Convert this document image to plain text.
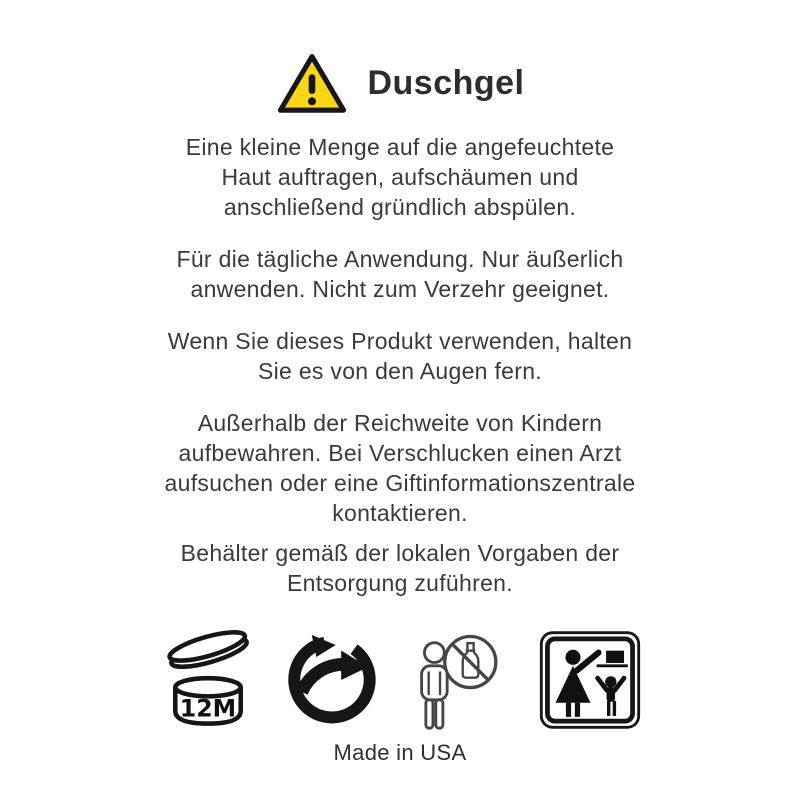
Duschgel

Eine kleine Menge auf die angefeuchtete
Haut auftragen, aufschäumen und
anschließend gründlich abspülen.

Für die tägliche Anwendung. Nur äußerlich
anwenden. Nicht zum Verzehr geeignet.

Wenn Sie dieses Produkt verwenden, halten
Sie es von den Augen fern.

Außerhalb der Reichweite von Kindern
aufbewahren. Bei Verschlucken einen Arzt
aufsuchen oder eine Giftinformationszentrale
kontaktieren.

Behälter gemäß der lokalen Vorgaben der
Entsorgung zuführen.

12M
Made in USA
